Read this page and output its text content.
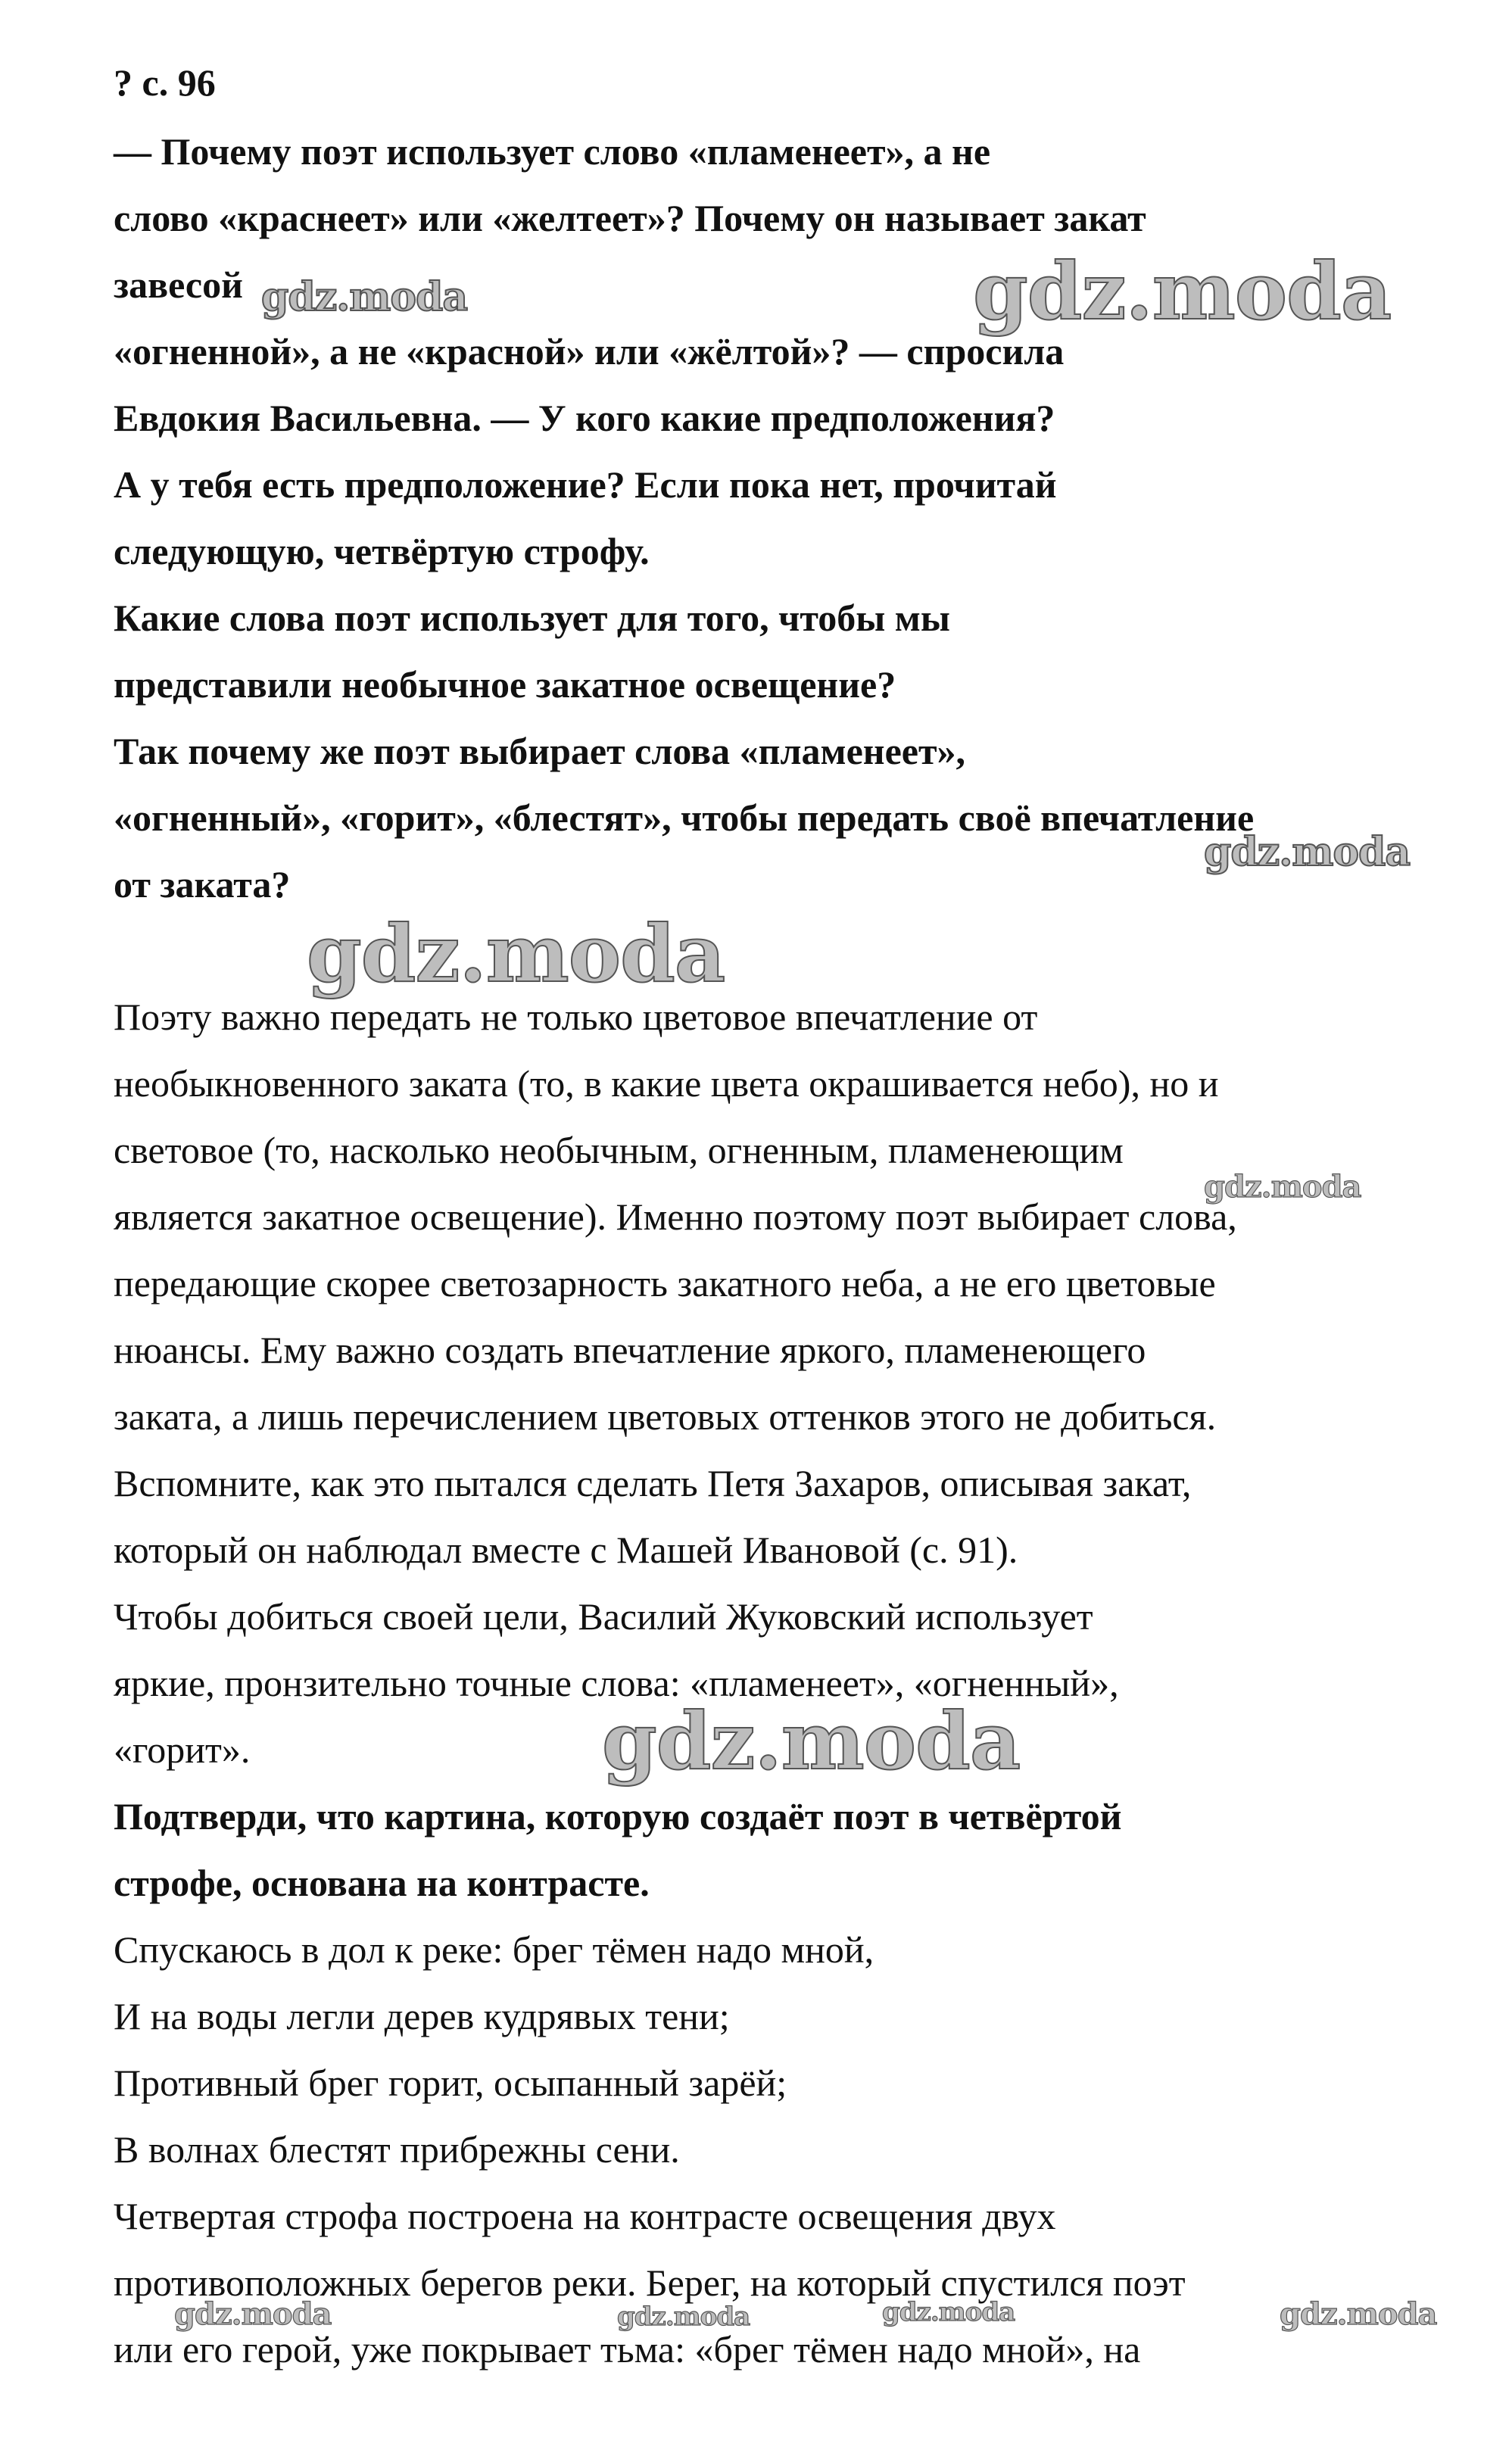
gdz.moda	gdz.moda
gdz.moda
gdz.moda
gdz.moda
gdz.moda
gdz.moda	gdz.moda	gdz.moda	gdz.moda
? с. 96
— Почему поэт использует слово «пламенеет», а не
слово «краснеет» или «желтеет»? Почему он называет закат
завесой
«огненной», а не «красной» или «жёлтой»? — спросила
Евдокия Васильевна. — У кого какие предположения?
А у тебя есть предположение? Если пока нет, прочитай
следующую, четвёртую строфу.
Какие слова поэт использует для того, чтобы мы
представили необычное закатное освещение?
Так почему же поэт выбирает слова «пламенеет»,
«огненный», «горит», «блестят», чтобы передать своё впечатление
от заката?
Поэту важно передать не только цветовое впечатление от
необыкновенного заката (то, в какие цвета окрашивается небо), но и
световое (то, насколько необычным, огненным, пламенеющим
является закатное освещение). Именно поэтому поэт выбирает слова,
передающие скорее светозарность закатного неба, а не его цветовые
нюансы. Ему важно создать впечатление яркого, пламенеющего
заката, а лишь перечислением цветовых оттенков этого не добиться.
Вспомните, как это пытался сделать Петя Захаров, описывая закат,
который он наблюдал вместе с Машей Ивановой (с. 91).
Чтобы добиться своей цели, Василий Жуковский использует
яркие, пронзительно точные слова: «пламенеет», «огненный»,
«горит».
Подтверди, что картина, которую создаёт поэт в четвёртой
строфе, основана на контрасте.
Спускаюсь в дол к реке: брег тёмен надо мной,
И на воды легли дерев кудрявых тени;
Противный брег горит, осыпанный зарёй;
В волнах блестят прибрежны сени.
Четвертая строфа построена на контрасте освещения двух
противоположных берегов реки. Берег, на который спустился поэт
или его герой, уже покрывает тьма: «брег тёмен надо мной», на
